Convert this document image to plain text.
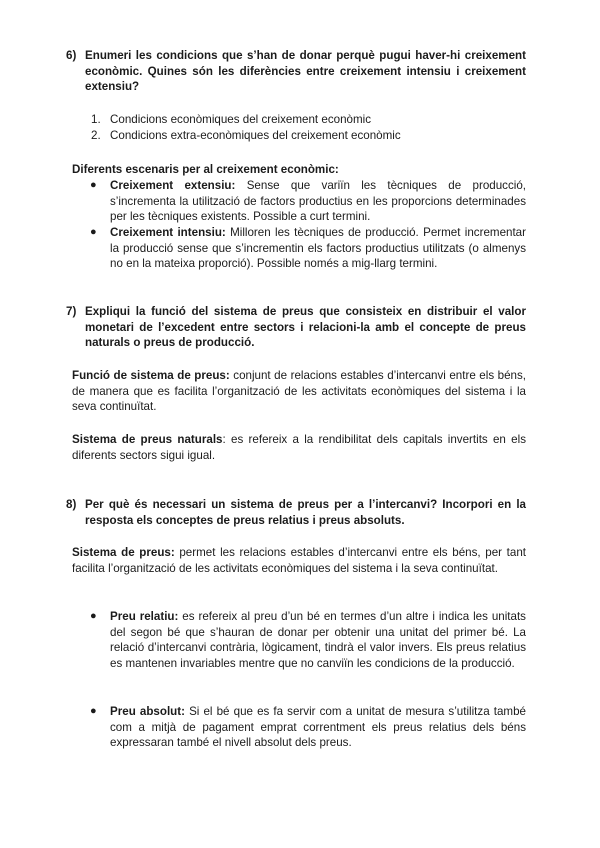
6) Enumeri les condicions que s’han de donar perquè pugui haver-hi creixement econòmic. Quines són les diferències entre creixement intensiu i creixement extensiu?
1. Condicions econòmiques del creixement econòmic
2. Condicions extra-econòmiques del creixement econòmic
Diferents escenaris per al creixement econòmic:
● Creixement extensiu: Sense que variïn les tècniques de producció, s’incrementa la utilització de factors productius en les proporcions determinades per les tècniques existents. Possible a curt termini.
● Creixement intensiu: Milloren les tècniques de producció. Permet incrementar la producció sense que s’incrementin els factors productius utilitzats (o almenys no en la mateixa proporció). Possible només a mig-llarg termini.
7) Expliqui la funció del sistema de preus que consisteix en distribuir el valor monetari de l’excedent entre sectors i relacioni-la amb el concepte de preus naturals o preus de producció.
Funció de sistema de preus: conjunt de relacions estables d’intercanvi entre els béns, de manera que es facilita l’organització de les activitats econòmiques del sistema i la seva continuïtat.
Sistema de preus naturals: es refereix a la rendibilitat dels capitals invertits en els diferents sectors sigui igual.
8) Per què és necessari un sistema de preus per a l’intercanvi? Incorpori en la resposta els conceptes de preus relatius i preus absoluts.
Sistema de preus: permet les relacions estables d’intercanvi entre els béns, per tant facilita l’organització de les activitats econòmiques del sistema i la seva continuïtat.
● Preu relatiu: es refereix al preu d’un bé en termes d’un altre i indica les unitats del segon bé que s’hauran de donar per obtenir una unitat del primer bé. La relació d’intercanvi contrària, lògicament, tindrà el valor invers. Els preus relatius es mantenen invariables mentre que no canviïn les condicions de la producció.
● Preu absolut: Si el bé que es fa servir com a unitat de mesura s’utilitza també com a mitjà de pagament emprat correntment els preus relatius dels béns expressaran també el nivell absolut dels preus.
